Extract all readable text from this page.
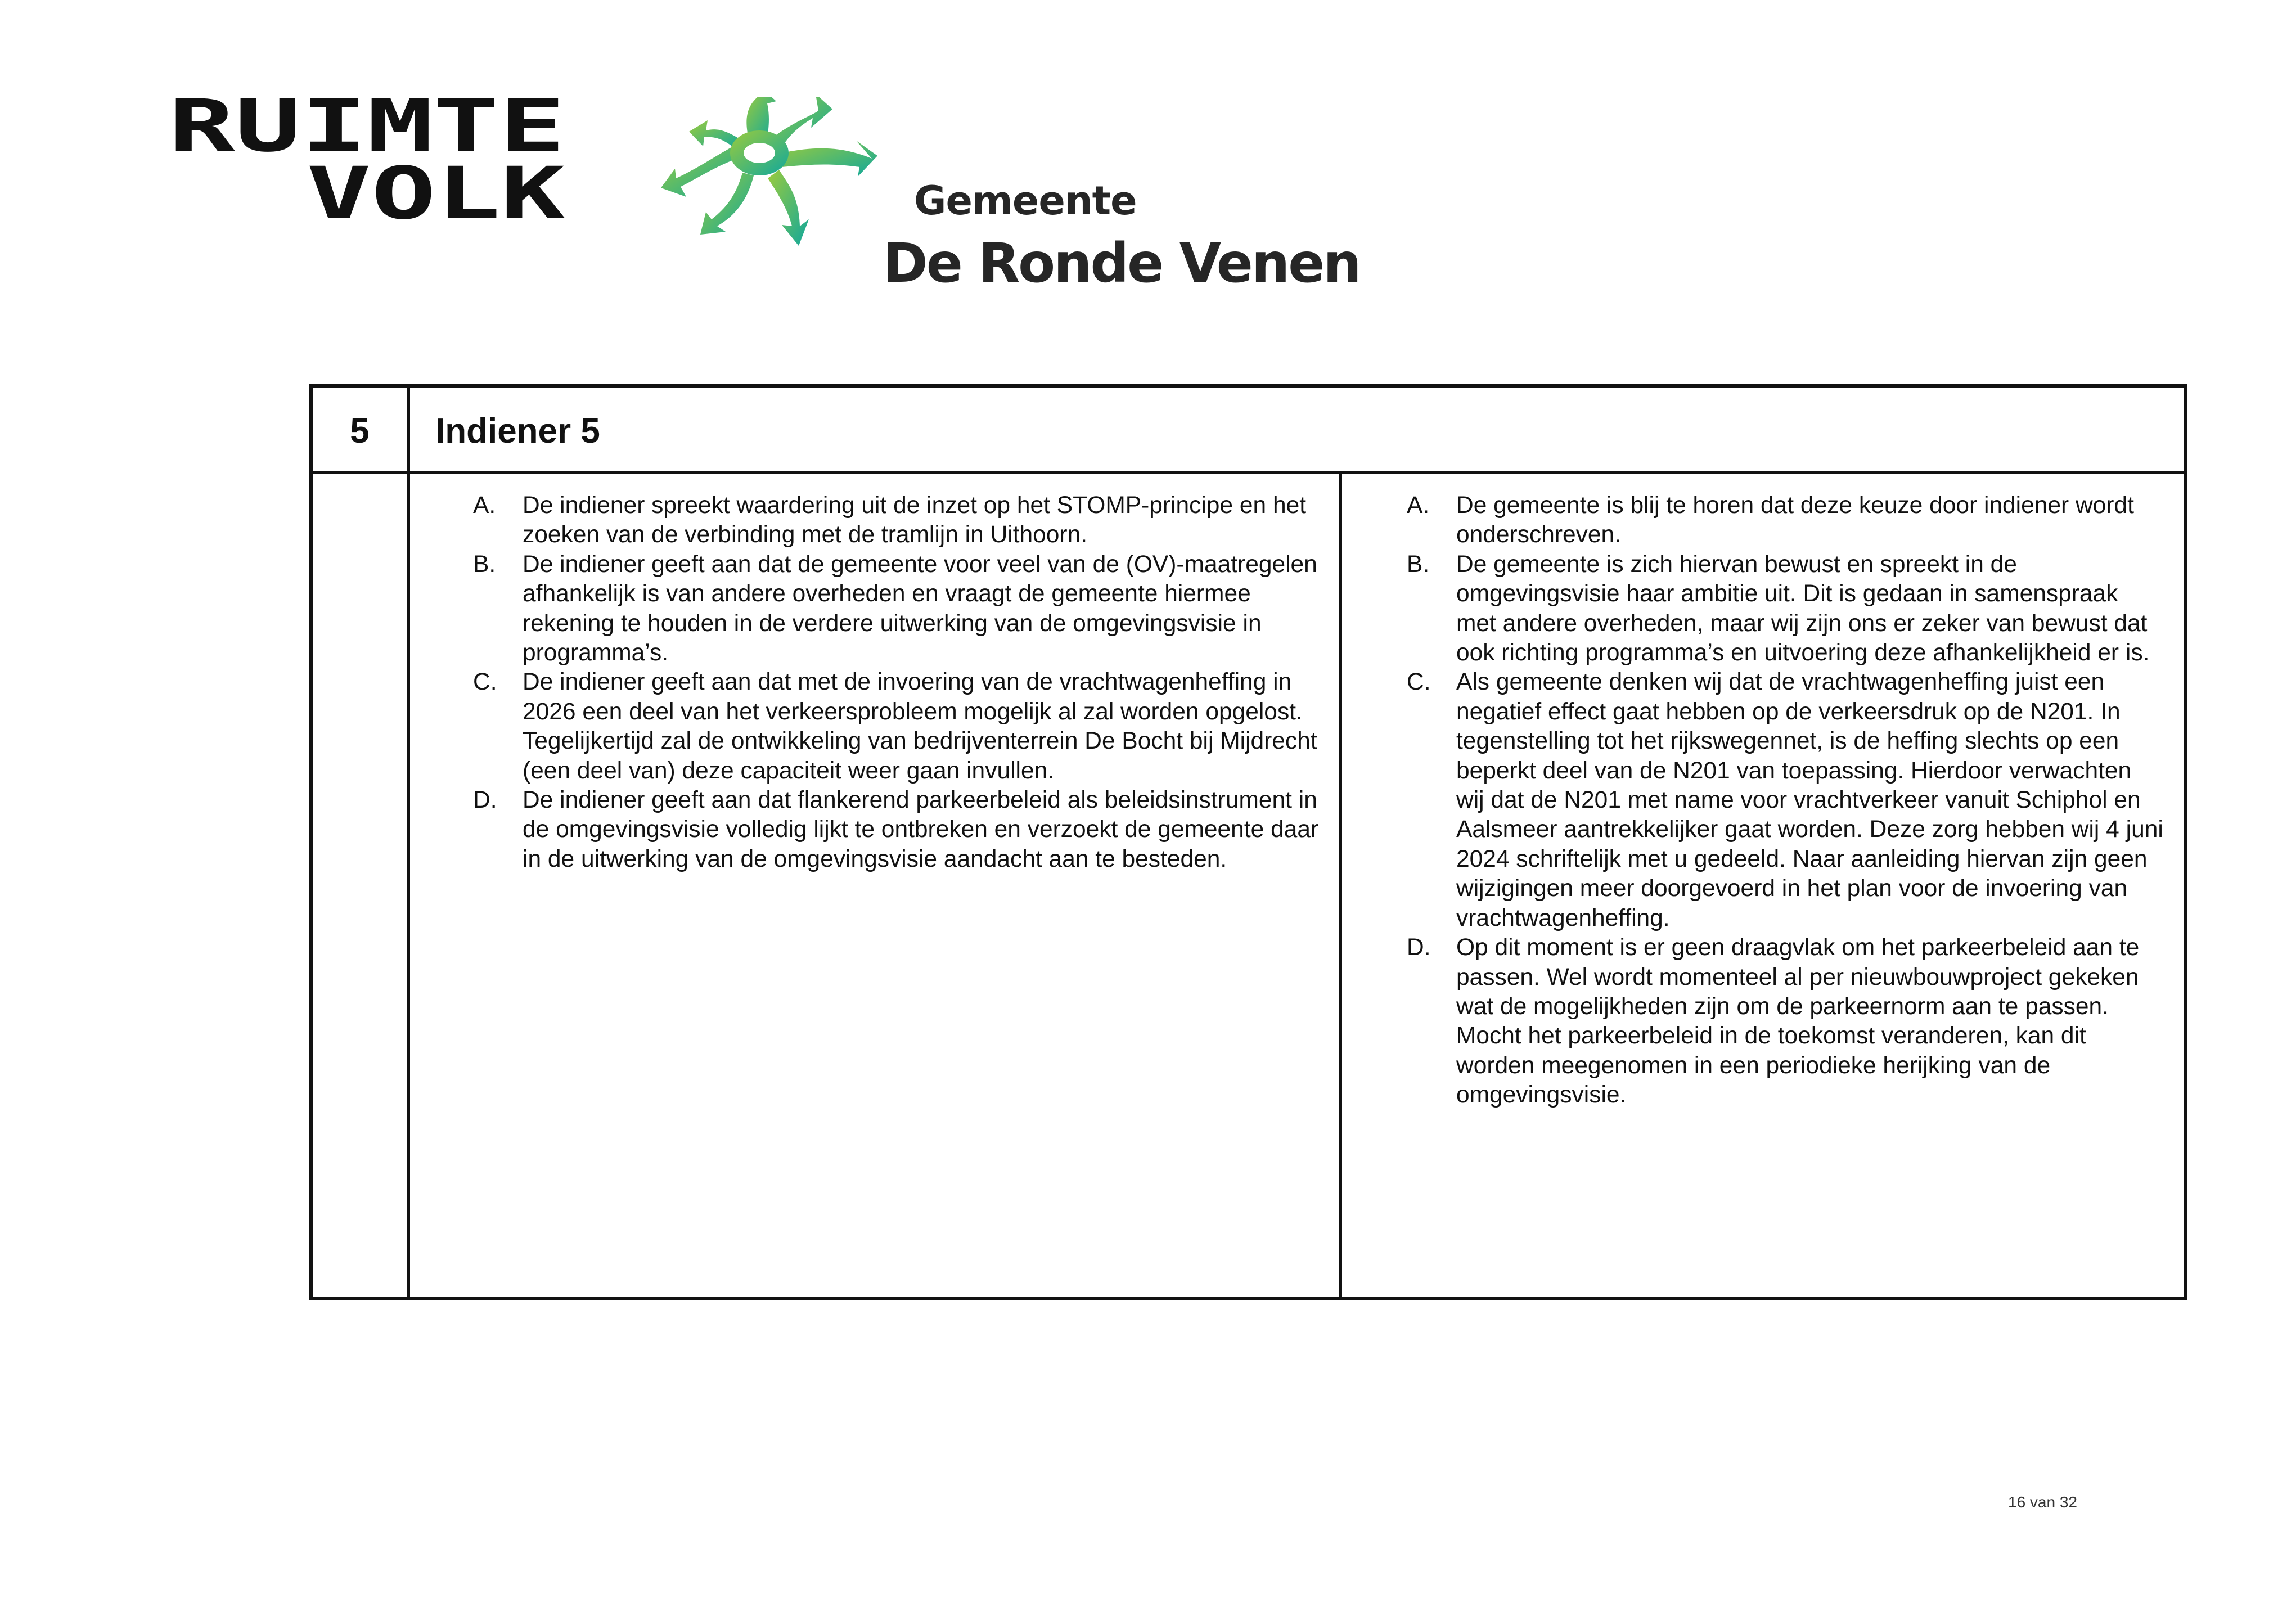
RUIMTE
VOLK	Gemeente
De Ronde Venen
5	Indiener 5
A. De indiener spreekt waardering uit de inzet op het STOMP-principe en het zoeken van de verbinding met de tramlijn in Uithoorn.
B. De indiener geeft aan dat de gemeente voor veel van de (OV)-maatregelen afhankelijk is van andere overheden en vraagt de gemeente hiermee rekening te houden in de verdere uitwerking van de omgevingsvisie in programma’s.
C. De indiener geeft aan dat met de invoering van de vrachtwagenheffing in 2026 een deel van het verkeersprobleem mogelijk al zal worden opgelost. Tegelijkertijd zal de ontwikkeling van bedrijventerrein De Bocht bij Mijdrecht (een deel van) deze capaciteit weer gaan invullen.
D. De indiener geeft aan dat flankerend parkeerbeleid als beleidsinstrument in de omgevingsvisie volledig lijkt te ontbreken en verzoekt de gemeente daar in de uitwerking van de omgevingsvisie aandacht aan te besteden.
A. De gemeente is blij te horen dat deze keuze door indiener wordt onderschreven.
B. De gemeente is zich hiervan bewust en spreekt in de omgevingsvisie haar ambitie uit. Dit is gedaan in samenspraak met andere overheden, maar wij zijn ons er zeker van bewust dat ook richting programma’s en uitvoering deze afhankelijkheid er is.
C. Als gemeente denken wij dat de vrachtwagenheffing juist een negatief effect gaat hebben op de verkeersdruk op de N201. In tegenstelling tot het rijkswegennet, is de heffing slechts op een beperkt deel van de N201 van toepassing. Hierdoor verwachten wij dat de N201 met name voor vrachtverkeer vanuit Schiphol en Aalsmeer aantrekkelijker gaat worden. Deze zorg hebben wij 4 juni 2024 schriftelijk met u gedeeld. Naar aanleiding hiervan zijn geen wijzigingen meer doorgevoerd in het plan voor de invoering van vrachtwagenheffing.
D. Op dit moment is er geen draagvlak om het parkeerbeleid aan te passen. Wel wordt momenteel al per nieuwbouwproject gekeken wat de mogelijkheden zijn om de parkeernorm aan te passen. Mocht het parkeerbeleid in de toekomst veranderen, kan dit worden meegenomen in een periodieke herijking van de omgevingsvisie.
16 van 32
